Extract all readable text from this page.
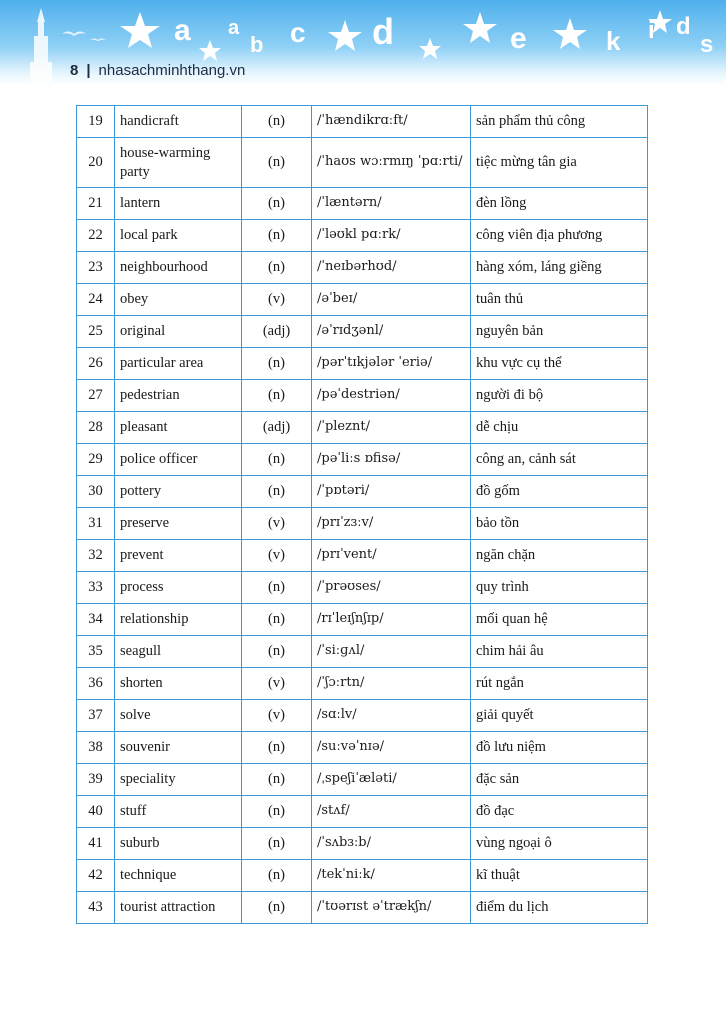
a a
b c d	e	k i d
s
8 | nhasachminhthang.vn
19	handicraft	(n)	/ˈhændikrɑːft/	sản phẩm thủ công
20	house-warming party	(n)	/ˈhaʊs wɔːrmɪŋ ˈpɑːrti/	tiệc mừng tân gia
21	lantern	(n)	/ˈlæntərn/	đèn lồng
22	local park	(n)	/ˈləʊkl pɑːrk/	công viên địa phương
23	neighbourhood	(n)	/ˈneɪbərhʊd/	hàng xóm, láng giềng
24	obey	(v)	/əˈbeɪ/	tuân thủ
25	original	(adj)	/əˈrɪdʒənl/	nguyên bản
26	particular area	(n)	/pərˈtɪkjələr ˈeriə/	khu vực cụ thể
27	pedestrian	(n)	/pəˈdestriən/	người đi bộ
28	pleasant	(adj)	/ˈpleznt/	dễ chịu
29	police officer	(n)	/pəˈliːs ɒfisə/	công an, cảnh sát
30	pottery	(n)	/ˈpɒtəri/	đồ gốm
31	preserve	(v)	/prɪˈzɜːv/	bảo tồn
32	prevent	(v)	/prɪˈvent/	ngăn chặn
33	process	(n)	/ˈprəʊses/	quy trình
34	relationship	(n)	/rɪˈleɪʃnʃɪp/	mối quan hệ
35	seagull	(n)	/ˈsiːɡʌl/	chim hải âu
36	shorten	(v)	/ˈʃɔːrtn/	rút ngắn
37	solve	(v)	/sɑːlv/	giải quyết
38	souvenir	(n)	/suːvəˈnɪə/	đồ lưu niệm
39	speciality	(n)	/ˌspeʃiˈæləti/	đặc sản
40	stuff	(n)	/stʌf/	đồ đạc
41	suburb	(n)	/ˈsʌbɜːb/	vùng ngoại ô
42	technique	(n)	/tekˈniːk/	kĩ thuật
43	tourist attraction	(n)	/ˈtʊərɪst əˈtrækʃn/	điểm du lịch
